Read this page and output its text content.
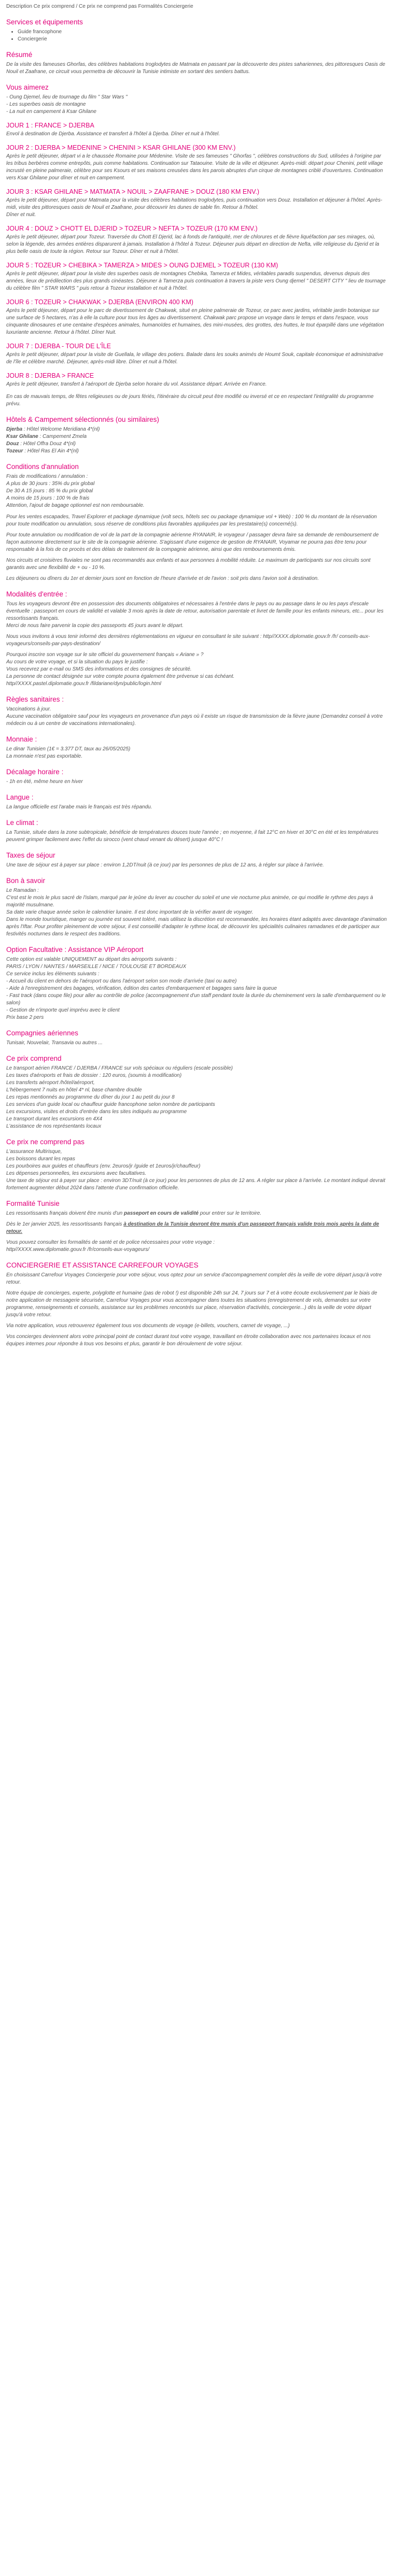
Description Ce prix comprend / Ce prix ne comprend pas Formalités Conciergerie
Services et équipements
• Guide francophone
• Conciergerie
Résumé

De la visite des fameuses Ghorfas, des célèbres habitations troglodytes de Matmata en passant par la découverte des pistes sahariennes, des pittoresques Oasis de Nouil et Zaafrane, ce circuit vous permettra de découvrir la Tunisie intimiste en sortant des sentiers battus.

Vous aimerez
- Oung Djemel, lieu de tournage du film " Star Wars "
- Les superbes oasis de montagne
- La nuit en campement à Ksar Ghilane
JOUR 1 : FRANCE > DJERBA

Envol à destination de Djerba. Assistance et transfert à l'hôtel à Djerba. Dîner et nuit à l'hôtel.

JOUR 2 : DJERBA > MEDENINE > CHENINI > KSAR GHILANE (300 KM ENV.)

Après le petit déjeuner, départ vi a le chaussée Romaine pour Médenine. Visite de ses fameuses " Ghorfas ", célèbres constructions du Sud, utilisées à l'origine par les tribus berbères comme entrepôts, puis comme habitations. Continuation sur Tataouine. Visite de la ville et déjeuner. Après-midi: départ pour Chenini, petit village incrusté en pleine palmeraie, célèbre pour ses Ksours et ses maisons creusées dans les parois abruptes d'un cirque de montagnes criblé d'ouvertures. Continuation vers Ksar Ghilane pour dîner et nuit en campement.

JOUR 3 : KSAR GHILANE > MATMATA > NOUIL > ZAAFRANE > DOUZ (180 KM ENV.)

Après le petit déjeuner, départ pour Matmata pour la visite des célèbres habitations troglodytes, puis continuation vers Douz. Installation et déjeuner à l'hôtel. Après-midi, visite des pittoresques oasis de Nouil et Zaafrane, pour découvrir les dunes de sable fin. Retour à l'hôtel.

Dîner et nuit.

JOUR 4 : DOUZ > CHOTT EL DJERID > TOZEUR > NEFTA > TOZEUR (170 KM ENV.)

Après le petit déjeuner, départ pour Tozeur. Traversée du Chott El Djerid, lac à fonds de l'antiquité, mer de chlorures et de fièvre liquéfaction par ses mirages, où, selon la légende, des armées entières disparurent à jamais. Installation à l'hôtel à Tozeur. Déjeuner puis départ en direction de Nefta, ville religieuse du Djerid et la plus belle oasis de toute la région. Retour sur Tozeur. Dîner et nuit à l'hôtel.

JOUR 5 : TOZEUR > CHEBIKA > TAMERZA > MIDES > OUNG DJEMEL > TOZEUR (130 KM)

Après le petit déjeuner, départ pour la visite des superbes oasis de montagnes Chebika, Tamerza et Mides, véritables paradis suspendus, devenus depuis des années, lieux de prédilection des plus grands cinéastes. Déjeuner à Tamerza puis continuation à travers la piste vers Oung djemel " DESERT CITY " lieu de tournage du célèbre film " STAR WARS " puis retour à Tozeur installation et nuit à l'hôtel.

JOUR 6 : TOZEUR > CHAKWAK > DJERBA (ENVIRON 400 KM)

Après le petit déjeuner, départ pour le parc de divertissement de Chakwak, situé en pleine palmeraie de Tozeur, ce parc avec jardins, véritable jardin botanique sur une surface de 5 hectares, n'as à elle la culture pour tous les âges au divertissement. Chakwak parc propose un voyage dans le temps et dans l'espace, vous cinquante dinosaures et une centaine d'espèces animales, humanoïdes et humaines, des mini-musées, des grottes, des huttes, le tout éparpillé dans une végétation luxuriante ancienne. Retour à l'hôtel. Dîner Nuit.

JOUR 7 : DJERBA - TOUR DE L'ÎLE

Après le petit déjeuner, départ pour la visite de Guellala, le village des potiers. Balade dans les souks animés de Houmt Souk, capitale économique et administrative de l'île et célèbre marché. Déjeuner, après-midi libre. Dîner et nuit à l'hôtel.

JOUR 8 : DJERBA > FRANCE

Après le petit déjeuner, transfert à l'aéroport de Djerba selon horaire du vol. Assistance départ. Arrivée en France.

En cas de mauvais temps, de fêtes religieuses ou de jours fériés, l'itinéraire du circuit peut être modifié ou inversé et ce en respectant l'intégralité du programme prévu.

Hôtels & Campement sélectionnés (ou similaires)
Djerba : Hôtel Welcome Meridiana 4*(nl)
Ksar Ghilane : Campement Zmela
Douz : Hôtel Offra Douz 4*(nl)
Tozeur : Hôtel Ras El Ain 4*(nl)
Conditions d'annulation
Frais de modifications / annulation :
A plus de 30 jours : 35% du prix global
De 30 A 15 jours : 85 % du prix global
A moins de 15 jours : 100 % de frais
Attention, l'ajout de bagage optionnel est non remboursable.

Pour les ventes escapades, Travel Explorer et package dynamique (volt secs, hôtels sec ou package dynamique vol + Web) : 100 % du montant de la réservation pour toute modification ou annulation, sous réserve de conditions plus favorables appliquées par les prestataire(s) concerné(s).

Pour toute annulation ou modification de vol de la part de la compagnie aérienne RYANAIR, le voyageur / passager devra faire sa demande de remboursement de façon autonome directement sur le site de la compagnie aérienne. S'agissant d'une exigence de gestion de RYANAIR, Voyamar ne pourra pas être tenu pour responsable à la fois de ce procès et des délais de traitement de la compagnie aérienne, ainsi que des remboursements émis.

Nos circuits et croisières fluviales ne sont pas recommandés aux enfants et aux personnes à mobilité réduite. Le maximum de participants sur nos circuits sont garantis avec une flexibilité de + ou - 10 %.

Les déjeuners ou dîners du 1er et dernier jours sont en fonction de l'heure d'arrivée et de l'avion : soit pris dans l'avion soit à destination.

Modalités d'entrée :

Tous les voyageurs devront être en possession des documents obligatoires et nécessaires à l'entrée dans le pays ou au passage dans le ou les pays d'escale éventuelle : passeport en cours de validité et valable 3 mois après la date de retour, autorisation parentale et livret de famille pour les enfants mineurs, etc... pour les ressortissants français.

Merci de nous faire parvenir la copie des passeports 45 jours avant le départ.

Nous vous invitons à vous tenir informé des dernières réglementations en vigueur en consultant le site suivant : http//XXXX.diplomatie.gouv.fr /fr/ conseils-aux-voyageurs/conseils-par-pays-destination/

Pourquoi inscrire son voyage sur le site officiel du gouvernement français « Ariane » ?

Au cours de votre voyage, et si la situation du pays le justifie :
Vous recevrez par e-mail ou SMS des informations et des consignes de sécurité.
La personne de contact désignée sur votre compte pourra également être prévenue si cas échéant.
http//XXXX.pastel.diplomatie.gouv.fr /fildariane/dyn/public/login.html
Règles sanitaires :
Vaccinations à jour.
Aucune vaccination obligatoire sauf pour les voyageurs en provenance d'un pays où il existe un risque de transmission de la fièvre jaune (Demandez conseil à votre médecin ou à un centre de vaccinations internationales).
Monnaie :
Le dinar Tunisien (1€ = 3.377 DT, taux au 26/05/2025)
La monnaie n'est pas exportable.
Décalage horaire :

- 1h en été, même heure en hiver

Langue :

La langue officielle est l'arabe mais le français est très répandu.

Le climat :

La Tunisie, située dans la zone subtropicale, bénéficie de températures douces toute l'année ; en moyenne, il fait 12°C en hiver et 30°C en été et les températures peuvent grimper facilement avec l'effet du sirocco (vent chaud venant du désert) jusque 40°C !

Taxes de séjour

Une taxe de séjour est à payer sur place : environ 1,2DT/nuit (à ce jour) par les personnes de plus de 12 ans, à régler sur place à l'arrivée.

Bon à savoir
Le Ramadan :
C'est est le mois le plus sacré de l'islam, marqué par le jeûne du lever au coucher du soleil et une vie nocturne plus animée, ce qui modifie le rythme des pays à majorité musulmane.
Sa date varie chaque année selon le calendrier lunaire. Il est donc important de la vérifier avant de voyager.
Dans le monde touristique, manger ou journée est souvent toléré, mais utilisez la discrétion est recommandée, les horaires étant adaptés avec davantage d'animation après l'Iftar. Pour profiter pleinement de votre séjour, il est conseillé d'adapter le rythme local, de découvrir les spécialités culinaires ramadanes et de participer aux festivités nocturnes dans le respect des traditions.
Option Facultative : Assistance VIP Aéroport
Cette option est valable UNIQUEMENT au départ des aéroports suivants :
PARIS / LYON / NANTES / MARSEILLE / NICE / TOULOUSE ET BORDEAUX
Ce service inclus les éléments suivants :
- Accueil du client en dehors de l'aéroport ou dans l'aéroport selon son mode d'arrivée (taxi ou autre)
- Aide à l'enregistrement des bagages, vérification, édition des cartes d'embarquement et bagages sans faire la queue
- Fast track (dans coupe file) pour aller au contrôle de police (accompagnement d'un staff pendant toute la durée du cheminement vers la salle d'embarquement ou le salon)
- Gestion de n'importe quel imprévu avec le client
Prix base 2 pers
Compagnies aériennes

Tunisair, Nouvelair, Transavia ou autres ...

Ce prix comprend
Le transport aérien FRANCE / DJERBA / FRANCE sur vols spéciaux ou réguliers (escale possible)
Les taxes d'aéroports et frais de dossier : 120 euros, (soumis à modification)
Les transferts aéroport /hôtel/aéroport,
L'hébergement 7 nuits en hôtel 4* nl, base chambre double
Les repas mentionnés au programme du dîner du jour 1 au petit du jour 8
Les services d'un guide local ou chauffeur guide francophone selon nombre de participants
Les excursions, visites et droits d'entrée dans les sites indiqués au programme
Le transport durant les excursions en 4X4
L'assistance de nos représentants locaux
Ce prix ne comprend pas
L'assurance Multirisque,
Les boissons durant les repas
Les pourboires aux guides et chauffeurs (env. 2euros/jr /guide et 1euros/jr/chauffeur)
Les dépenses personnelles, les excursions avec facultatives.
Une taxe de séjour est à payer sur place : environ 3DT/nuit (à ce jour) pour les personnes de plus de 12 ans. A régler sur place à l'arrivée. Le montant indiqué devrait fortement augmenter début 2024 dans l'attente d'une confirmation officielle.
Formalité Tunisie

Les ressortissants français doivent être munis d'un passeport en cours de validité pour entrer sur le territoire.

Dès le 1er janvier 2025, les ressortissants français à destination de la Tunisie devront être munis d'un passeport français valide trois mois après la date de retour.

Vous pouvez consulter les formalités de santé et de police nécessaires pour votre voyage :

http//XXXX.www.diplomatie.gouv.fr /fr/conseils-aux-voyageurs/

CONCIERGERIE ET ASSISTANCE CARREFOUR VOYAGES

En choisissant Carrefour Voyages Conciergerie pour votre séjour, vous optez pour un service d'accompagnement complet dès la veille de votre départ jusqu'à votre retour.

Notre équipe de concierges, experte, polyglotte et humaine (pas de robot !) est disponible 24h sur 24, 7 jours sur 7 et à votre écoute exclusivement par le biais de notre application de messagerie sécurisée, Carrefour Voyages pour vous accompagner dans toutes les situations (enregistrement de vols, demandes sur votre programme, renseignements et conseils, assistance sur les problèmes rencontrés sur place, réservation d'activités, conciergerie...) dès la veille de votre départ jusqu'à votre retour.

Via notre application, vous retrouverez également tous vos documents de voyage (e-billets, vouchers, carnet de voyage, ...)

Vos concierges deviennent alors votre principal point de contact durant tout votre voyage, travaillant en étroite collaboration avec nos partenaires locaux et nos équipes internes pour répondre à tous vos besoins et plus, garantir le bon déroulement de votre séjour.
